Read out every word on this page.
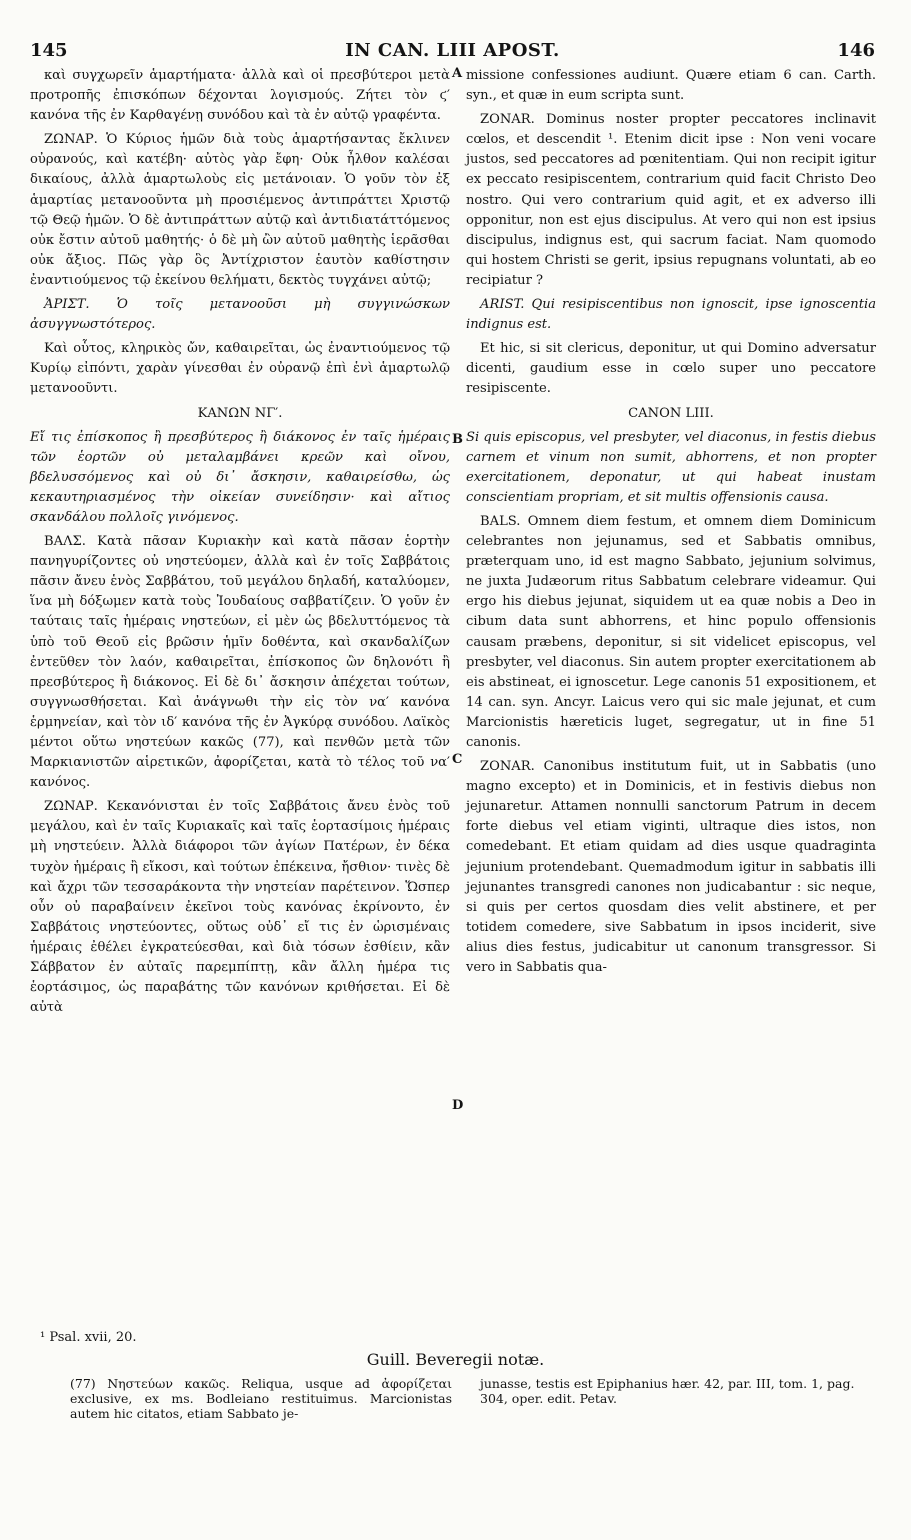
145	IN CAN. LIII APOST.	146

καὶ συγχωρεῖν ἁμαρτήματα· ἀλλὰ καὶ οἱ πρεσβύτεροι μετὰ προτροπῆς ἐπισκόπων δέχονται λογισμούς. Ζήτει τὸν ϛ′ κανόνα τῆς ἐν Καρθαγένῃ συνόδου καὶ τὰ ἐν αὐτῷ γραφέντα.

ΖΩΝΑΡ. Ὁ Κύριος ἡμῶν διὰ τοὺς ἁμαρτήσαντας ἔκλινεν οὐρανούς, καὶ κατέβη· αὐτὸς γὰρ ἔφη· Οὐκ ἦλθον καλέσαι δικαίους, ἀλλὰ ἁμαρτωλοὺς εἰς μετάνοιαν. Ὁ γοῦν τὸν ἐξ ἁμαρτίας μετανοοῦντα μὴ προσιέμενος ἀντιπράττει Χριστῷ τῷ Θεῷ ἡμῶν. Ὁ δὲ ἀντιπράττων αὐτῷ καὶ ἀντιδιατάττόμενος οὐκ ἔστιν αὐτοῦ μαθητής· ὁ δὲ μὴ ὢν αὐτοῦ μαθητὴς ἱερᾶσθαι οὐκ ἄξιος. Πῶς γὰρ ὃς Ἀντίχριστον ἑαυτὸν καθίστησιν ἐναντιούμενος τῷ ἐκείνου θελήματι, δεκτὸς τυγχάνει αὐτῷ;

ἈΡΙΣΤ. Ὁ τοῖς μετανοοῦσι μὴ συγγινώσκων ἀσυγγνωστότερος.

Καὶ οὗτος, κληρικὸς ὤν, καθαιρεῖται, ὡς ἐναντιούμενος τῷ Κυρίῳ εἰπόντι, χαρὰν γίνεσθαι ἐν οὐρανῷ ἐπὶ ἑνὶ ἁμαρτωλῷ μετανοοῦντι.

ΚΑΝΩΝ ΝΓ′.

Εἴ τις ἐπίσκοπος ἢ πρεσβύτερος ἢ διάκονος ἐν ταῖς ἡμέραις τῶν ἑορτῶν οὐ μεταλαμβάνει κρεῶν καὶ οἴνου, βδελυσσόμενος καὶ οὐ δι᾽ ἄσκησιν, καθαιρείσθω, ὡς κεκαυτηριασμένος τὴν οἰκείαν συνείδησιν· καὶ αἴτιος σκανδάλου πολλοῖς γινόμενος.

ΒΑΛΣ. Κατὰ πᾶσαν Κυριακὴν καὶ κατὰ πᾶσαν ἑορτὴν πανηγυρίζοντες οὐ νηστεύομεν, ἀλλὰ καὶ ἐν τοῖς Σαββάτοις πᾶσιν ἄνευ ἑνὸς Σαββάτου, τοῦ μεγάλου δηλαδή, καταλύομεν, ἵνα μὴ δόξωμεν κατὰ τοὺς Ἰουδαίους σαββατίζειν. Ὁ γοῦν ἐν ταύταις ταῖς ἡμέραις νηστεύων, εἰ μὲν ὡς βδελυττόμενος τὰ ὑπὸ τοῦ Θεοῦ εἰς βρῶσιν ἡμῖν δοθέντα, καὶ σκανδαλίζων ἐντεῦθεν τὸν λαόν, καθαιρεῖται, ἐπίσκοπος ὢν δηλονότι ἢ πρεσβύτερος ἢ διάκονος. Εἰ δὲ δι᾽ ἄσκησιν ἀπέχεται τούτων, συγγνωσθήσεται. Καὶ ἀνάγνωθι τὴν εἰς τὸν να′ κανόνα ἑρμηνείαν, καὶ τὸν ιδ′ κανόνα τῆς ἐν Ἀγκύρᾳ συνόδου. Λαϊκὸς μέντοι οὕτω νηστεύων κακῶς (77), καὶ πενθῶν μετὰ τῶν Μαρκιανιστῶν αἱρετικῶν, ἀφορίζεται, κατὰ τὸ τέλος τοῦ να′ κανόνος.

ΖΩΝΑΡ. Κεκανόνισται ἐν τοῖς Σαββάτοις ἄνευ ἑνὸς τοῦ μεγάλου, καὶ ἐν ταῖς Κυριακαῖς καὶ ταῖς ἑορτασίμοις ἡμέραις μὴ νηστεύειν. Ἀλλὰ διάφοροι τῶν ἁγίων Πατέρων, ἐν δέκα τυχὸν ἡμέραις ἢ εἴκοσι, καὶ τούτων ἐπέκεινα, ἤσθιον· τινὲς δὲ καὶ ἄχρι τῶν τεσσαράκοντα τὴν νηστείαν παρέτεινον. Ὥσπερ οὖν οὐ παραβαίνειν ἐκεῖνοι τοὺς κανόνας ἐκρίνοντο, ἐν Σαββάτοις νηστεύοντες, οὕτως οὐδ᾽ εἴ τις ἐν ὡρισμέναις ἡμέραις ἐθέλει ἐγκρατεύεσθαι, καὶ διὰ τόσων ἐσθίειν, κἂν Σάββατον ἐν αὐταῖς παρεμπίπτῃ, κἂν ἄλλη ἡμέρα τις ἑορτάσιμος, ὡς παραβάτης τῶν κανόνων κριθήσεται. Εἰ δὲ αὐτὰ

A
B
C
D

missione confessiones audiunt. Quære etiam 6 can. Carth. syn., et quæ in eum scripta sunt.

ZONAR. Dominus noster propter peccatores inclinavit cœlos, et descendit ¹. Etenim dicit ipse : Non veni vocare justos, sed peccatores ad pœnitentiam. Qui non recipit igitur ex peccato resipiscentem, contrarium quid facit Christo Deo nostro. Qui vero contrarium quid agit, et ex adverso illi opponitur, non est ejus discipulus. At vero qui non est ipsius discipulus, indignus est, qui sacrum faciat. Nam quomodo qui hostem Christi se gerit, ipsius repugnans voluntati, ab eo recipiatur ?

ARIST. Qui resipiscentibus non ignoscit, ipse ignoscentia indignus est.

Et hic, si sit clericus, deponitur, ut qui Domino adversatur dicenti, gaudium esse in cœlo super uno peccatore resipiscente.

CANON LIII.

Si quis episcopus, vel presbyter, vel diaconus, in festis diebus carnem et vinum non sumit, abhorrens, et non propter exercitationem, deponatur, ut qui habeat inustam conscientiam propriam, et sit multis offensionis causa.

BALS. Omnem diem festum, et omnem diem Dominicum celebrantes non jejunamus, sed et Sabbatis omnibus, præterquam uno, id est magno Sabbato, jejunium solvimus, ne juxta Judæorum ritus Sabbatum celebrare videamur. Qui ergo his diebus jejunat, siquidem ut ea quæ nobis a Deo in cibum data sunt abhorrens, et hinc populo offensionis causam præbens, deponitur, si sit videlicet episcopus, vel presbyter, vel diaconus. Sin autem propter exercitationem ab eis abstineat, ei ignoscetur. Lege canonis 51 expositionem, et 14 can. syn. Ancyr. Laicus vero qui sic male jejunat, et cum Marcionistis hæreticis luget, segregatur, ut in fine 51 canonis.

ZONAR. Canonibus institutum fuit, ut in Sabbatis (uno magno excepto) et in Dominicis, et in festivis diebus non jejunaretur. Attamen nonnulli sanctorum Patrum in decem forte diebus vel etiam viginti, ultraque dies istos, non comedebant. Et etiam quidam ad dies usque quadraginta jejunium protendebant. Quemadmodum igitur in sabbatis illi jejunantes transgredi canones non judicabantur : sic neque, si quis per certos quosdam dies velit abstinere, et per totidem comedere, sive Sabbatum in ipsos inciderit, sive alius dies festus, judicabitur ut canonum transgressor. Si vero in Sabbatis qua-

¹ Psal. xvii, 20.
Guill. Beveregii notæ.
(77) Νηστεύων κακῶς. Reliqua, usque ad ἀφορίζεται exclusive, ex ms. Bodleiano restituimus. Marcionistas autem hic citatos, etiam Sabbato je-
junasse, testis est Epiphanius hær. 42, par. III, tom. 1, pag. 304, oper. edit. Petav.
